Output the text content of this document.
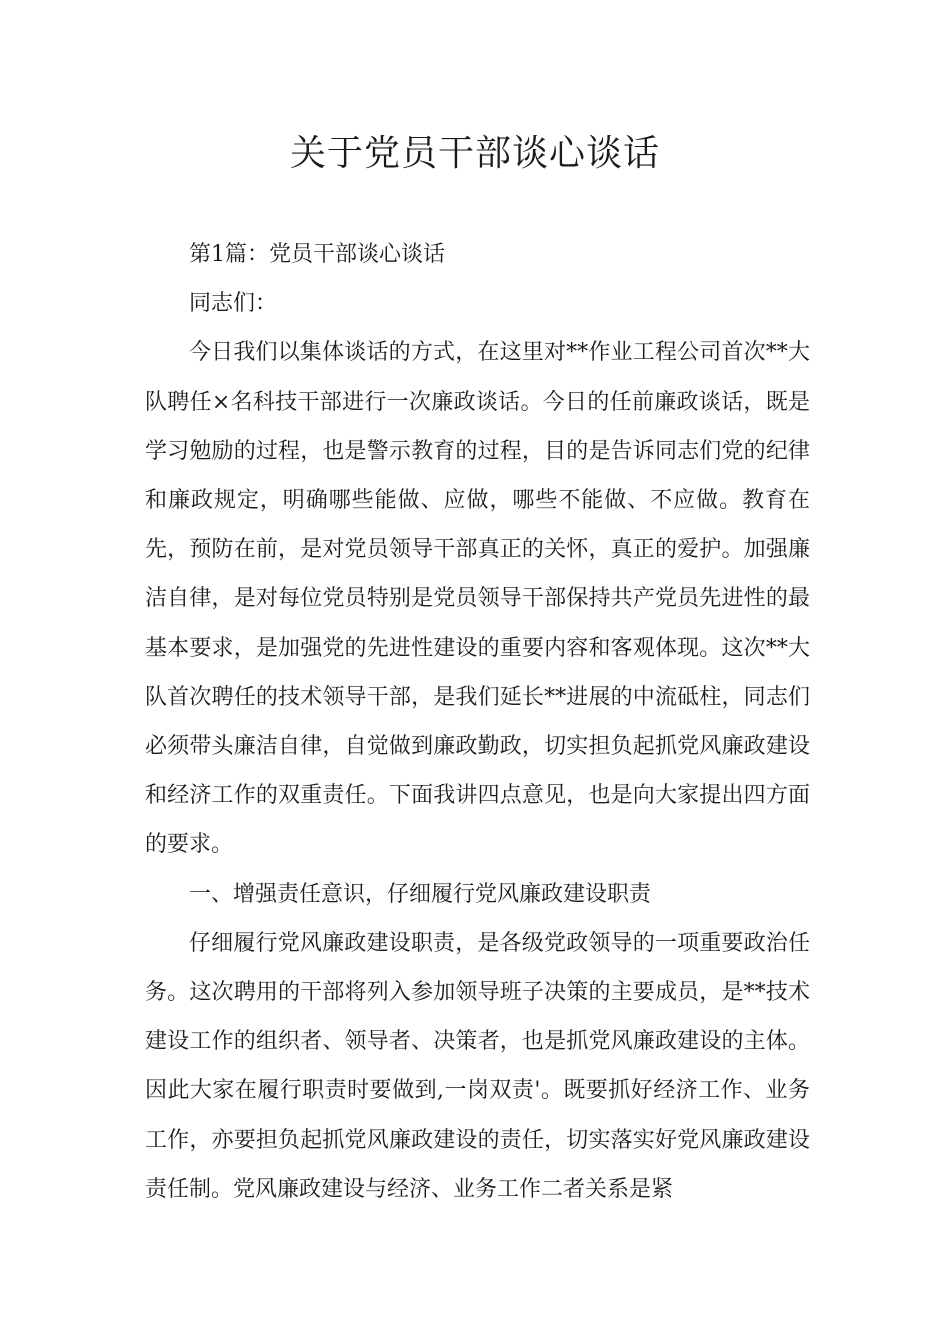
关于党员干部谈心谈话

第1篇：党员干部谈心谈话

同志们：

今日我们以集体谈话的方式，在这里对**作业工程公司首次**大队聘任×名科技干部进行一次廉政谈话。今日的任前廉政谈话，既是学习勉励的过程，也是警示教育的过程，目的是告诉同志们党的纪律和廉政规定，明确哪些能做、应做，哪些不能做、不应做。教育在先，预防在前，是对党员领导干部真正的关怀，真正的爱护。加强廉洁自律，是对每位党员特别是党员领导干部保持共产党员先进性的最基本要求，是加强党的先进性建设的重要内容和客观体现。这次**大队首次聘任的技术领导干部，是我们延长**进展的中流砥柱，同志们必须带头廉洁自律，自觉做到廉政勤政，切实担负起抓党风廉政建设和经济工作的双重责任。下面我讲四点意见，也是向大家提出四方面的要求。

一、增强责任意识，仔细履行党风廉政建设职责

仔细履行党风廉政建设职责，是各级党政领导的一项重要政治任务。这次聘用的干部将列入参加领导班子决策的主要成员，是**技术建设工作的组织者、领导者、决策者，也是抓党风廉政建设的主体。因此大家在履行职责时要做到,一岗双责'。既要抓好经济工作、业务工作，亦要担负起抓党风廉政建设的责任，切实落实好党风廉政建设责任制。党风廉政建设与经济、业务工作二者关系是紧
